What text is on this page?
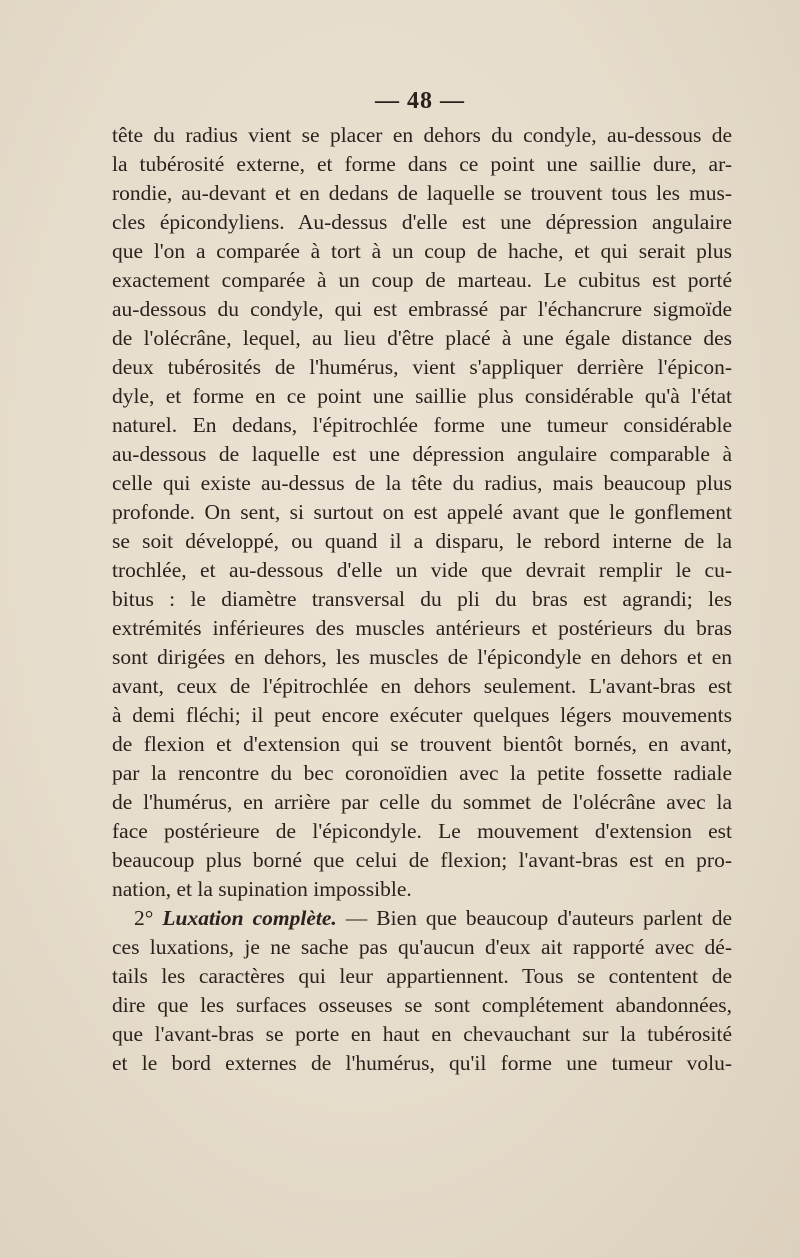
— 48 —
tête du radius vient se placer en dehors du condyle, au-dessous de
la tubérosité externe, et forme dans ce point une saillie dure, ar-
rondie, au-devant et en dedans de laquelle se trouvent tous les mus-
cles épicondyliens. Au-dessus d'elle est une dépression angulaire
que l'on a comparée à tort à un coup de hache, et qui serait plus
exactement comparée à un coup de marteau. Le cubitus est porté
au-dessous du condyle, qui est embrassé par l'échancrure sigmoïde
de l'olécrâne, lequel, au lieu d'être placé à une égale distance des
deux tubérosités de l'humérus, vient s'appliquer derrière l'épicon-
dyle, et forme en ce point une saillie plus considérable qu'à l'état
naturel. En dedans, l'épitrochlée forme une tumeur considérable
au-dessous de laquelle est une dépression angulaire comparable à
celle qui existe au-dessus de la tête du radius, mais beaucoup plus
profonde. On sent, si surtout on est appelé avant que le gonflement
se soit développé, ou quand il a disparu, le rebord interne de la
trochlée, et au-dessous d'elle un vide que devrait remplir le cu-
bitus : le diamètre transversal du pli du bras est agrandi; les
extrémités inférieures des muscles antérieurs et postérieurs du bras
sont dirigées en dehors, les muscles de l'épicondyle en dehors et en
avant, ceux de l'épitrochlée en dehors seulement. L'avant-bras est
à demi fléchi; il peut encore exécuter quelques légers mouvements
de flexion et d'extension qui se trouvent bientôt bornés, en avant,
par la rencontre du bec coronoïdien avec la petite fossette radiale
de l'humérus, en arrière par celle du sommet de l'olécrâne avec la
face postérieure de l'épicondyle. Le mouvement d'extension est
beaucoup plus borné que celui de flexion; l'avant-bras est en pro-
nation, et la supination impossible.
2° Luxation complète. — Bien que beaucoup d'auteurs parlent de
ces luxations, je ne sache pas qu'aucun d'eux ait rapporté avec dé-
tails les caractères qui leur appartiennent. Tous se contentent de
dire que les surfaces osseuses se sont complétement abandonnées,
que l'avant-bras se porte en haut en chevauchant sur la tubérosité
et le bord externes de l'humérus, qu'il forme une tumeur volu-
